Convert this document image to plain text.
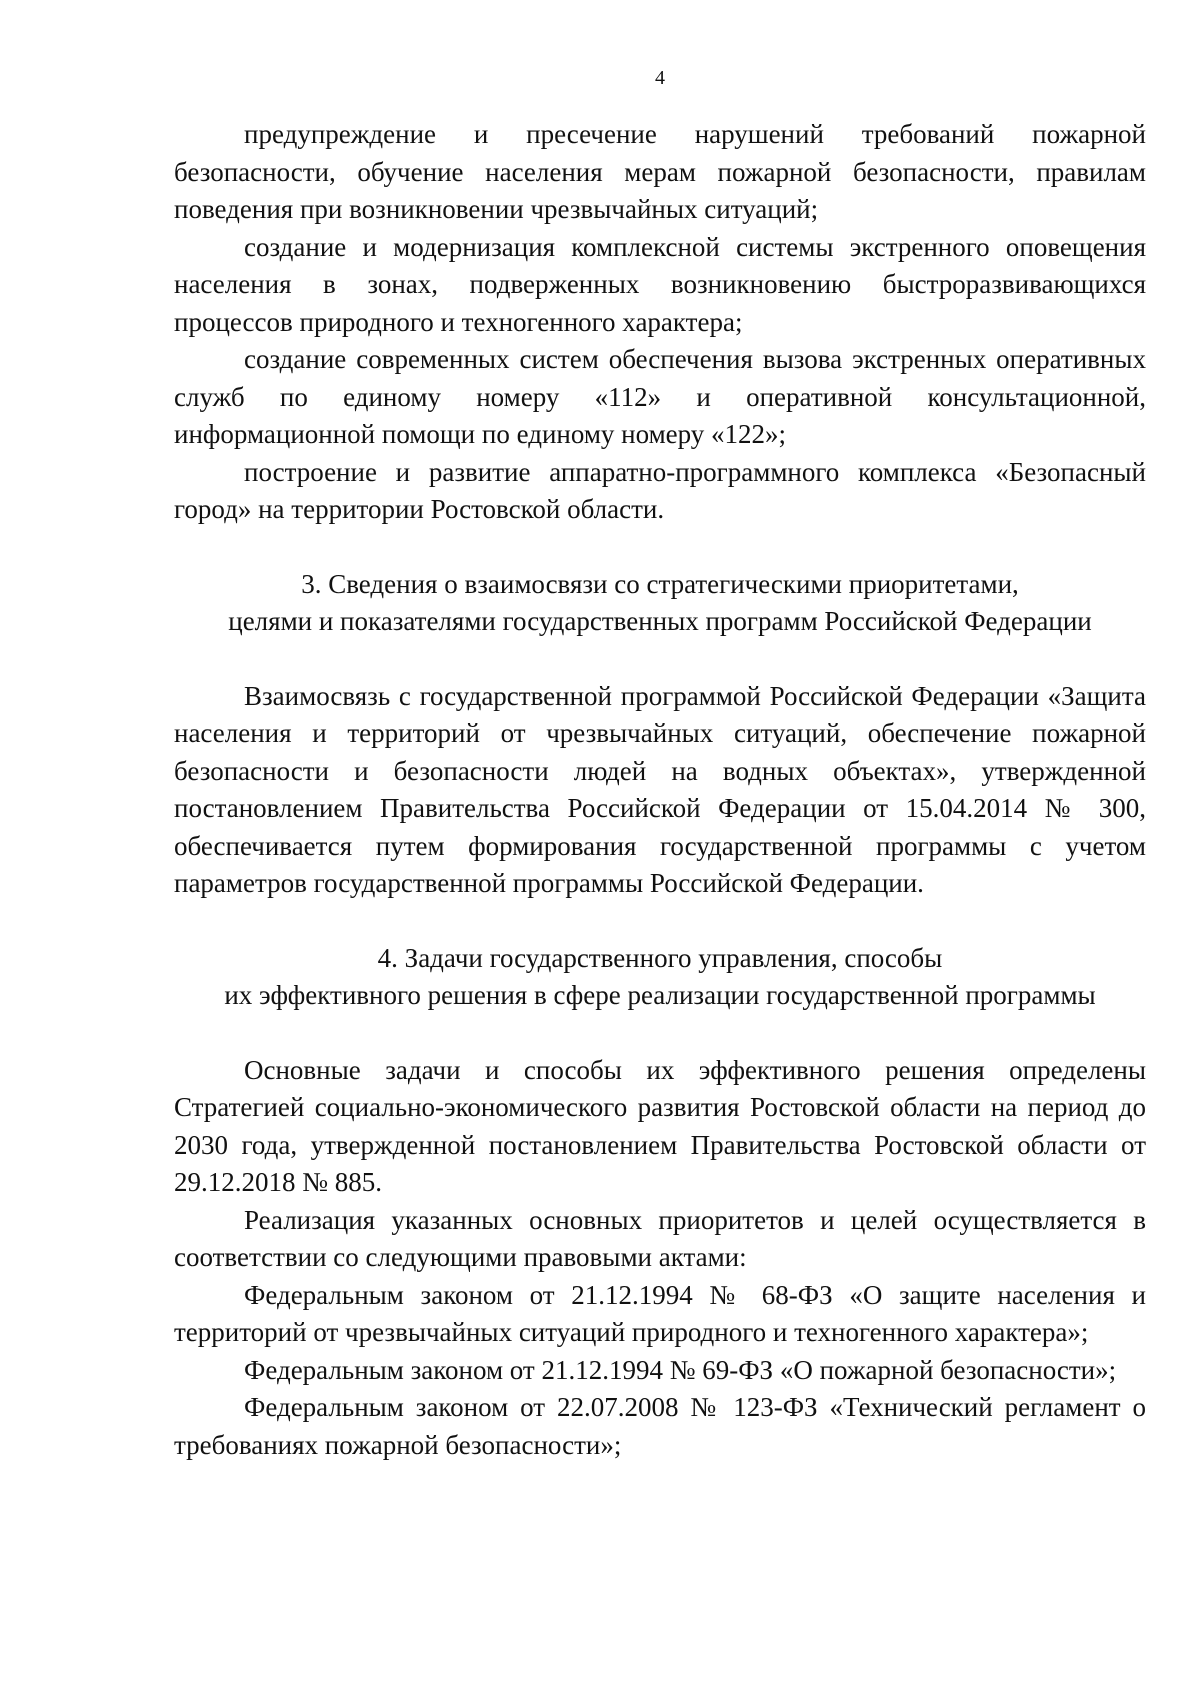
4

предупреждение и пресечение нарушений требований пожарной безопасности, обучение населения мерам пожарной безопасности, правилам поведения при возникновении чрезвычайных ситуаций;

создание и модернизация комплексной системы экстренного оповещения населения в зонах, подверженных возникновению быстроразвивающихся процессов природного и техногенного характера;

создание современных систем обеспечения вызова экстренных оперативных служб по единому номеру «112» и оперативной консультационной, информационной помощи по единому номеру «122»;

построение и развитие аппаратно-программного комплекса «Безопасный город» на территории Ростовской области.

3. Сведения о взаимосвязи со стратегическими приоритетами,
целями и показателями государственных программ Российской Федерации

Взаимосвязь с государственной программой Российской Федерации «Защита населения и территорий от чрезвычайных ситуаций, обеспечение пожарной безопасности и безопасности людей на водных объектах», утвержденной постановлением Правительства Российской Федерации от 15.04.2014 № 300, обеспечивается путем формирования государственной программы с учетом параметров государственной программы Российской Федерации.

4. Задачи государственного управления, способы
их эффективного решения в сфере реализации государственной программы

Основные задачи и способы их эффективного решения определены Стратегией социально-экономического развития Ростовской области на период до 2030 года, утвержденной постановлением Правительства Ростовской области от 29.12.2018 № 885.

Реализация указанных основных приоритетов и целей осуществляется в соответствии со следующими правовыми актами:

Федеральным законом от 21.12.1994 № 68-ФЗ «О защите населения и территорий от чрезвычайных ситуаций природного и техногенного характера»;

Федеральным законом от 21.12.1994 № 69-ФЗ «О пожарной безопасности»;

Федеральным законом от 22.07.2008 № 123-ФЗ «Технический регламент о требованиях пожарной безопасности»;
